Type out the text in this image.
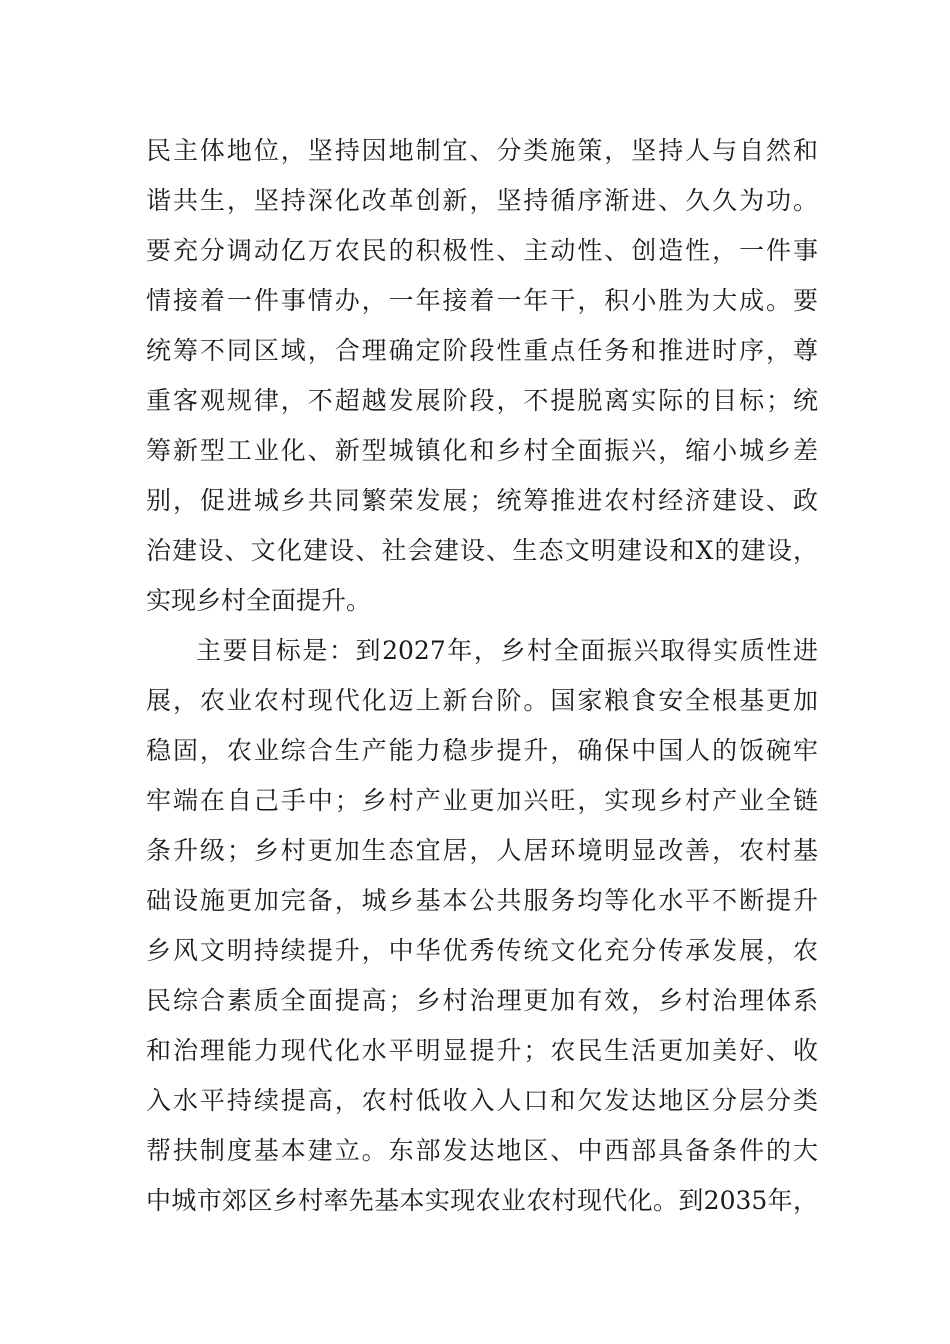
民主体地位，坚持因地制宜、分类施策，坚持人与自然和
谐共生，坚持深化改革创新，坚持循序渐进、久久为功。
要充分调动亿万农民的积极性、主动性、创造性，一件事
情接着一件事情办，一年接着一年干，积小胜为大成。要
统筹不同区域，合理确定阶段性重点任务和推进时序，尊
重客观规律，不超越发展阶段，不提脱离实际的目标；统
筹新型工业化、新型城镇化和乡村全面振兴，缩小城乡差
别，促进城乡共同繁荣发展；统筹推进农村经济建设、政
治建设、文化建设、社会建设、生态文明建设和X的建设，
实现乡村全面提升。
主要目标是：到2027年，乡村全面振兴取得实质性进
展，农业农村现代化迈上新台阶。国家粮食安全根基更加
稳固，农业综合生产能力稳步提升，确保中国人的饭碗牢
牢端在自己手中；乡村产业更加兴旺，实现乡村产业全链
条升级；乡村更加生态宜居，人居环境明显改善，农村基
础设施更加完备，城乡基本公共服务均等化水平不断提升
乡风文明持续提升，中华优秀传统文化充分传承发展，农
民综合素质全面提高；乡村治理更加有效，乡村治理体系
和治理能力现代化水平明显提升；农民生活更加美好、收
入水平持续提高，农村低收入人口和欠发达地区分层分类
帮扶制度基本建立。东部发达地区、中西部具备条件的大
中城市郊区乡村率先基本实现农业农村现代化。到2035年，
